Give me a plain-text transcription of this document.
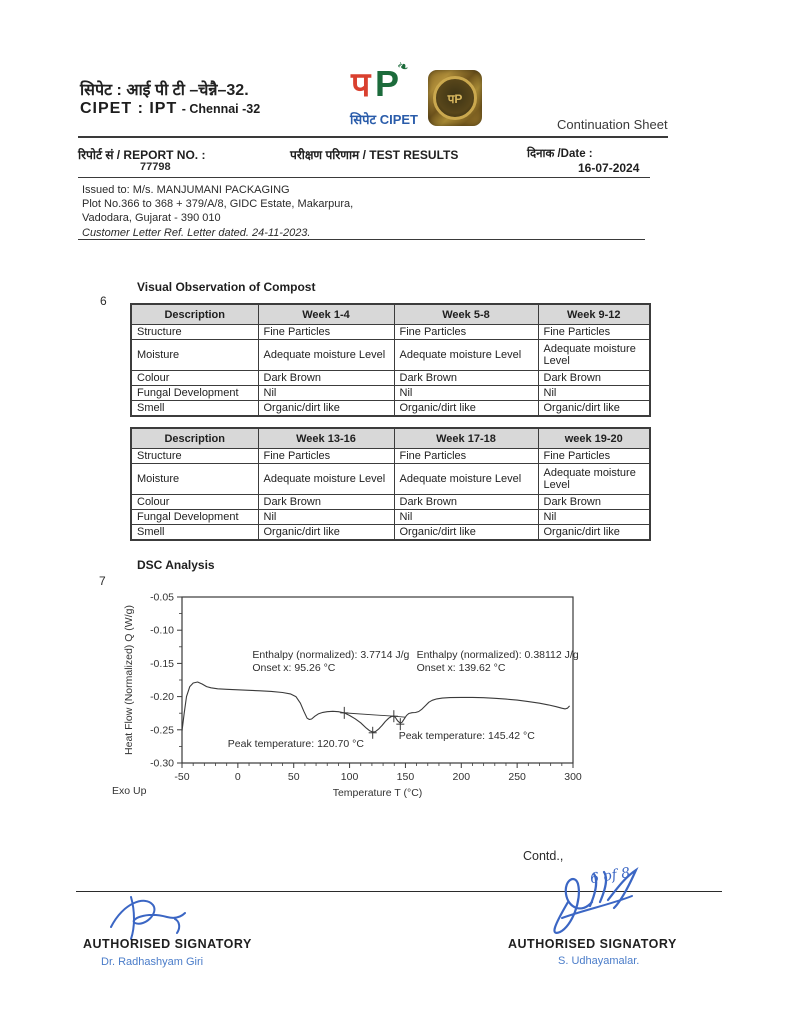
सिपेट : आई पी टी –चेन्नै–32.
CIPET : IPT - Chennai -32
प P
❧
सिपेट CIPET
पP
Continuation Sheet
रिपोर्ट सं / REPORT NO. :
77798
परीक्षण परिणाम / TEST RESULTS	दिनाक /Date :
16-07-2024
Issued to: M/s. MANJUMANI PACKAGING
Plot No.366 to 368 + 379/A/8, GIDC Estate, Makarpura,
Vadodara, Gujarat - 390 010
Customer Letter Ref. Letter dated. 24-11-2023.
Visual Observation of Compost
6
Description	Week 1-4	Week 5-8	Week 9-12
Structure	Fine Particles	Fine Particles	Fine Particles
Moisture	Adequate moisture Level	Adequate moisture Level	Adequate moisture Level
Colour	Dark Brown	Dark Brown	Dark Brown
Fungal Development	Nil	Nil	Nil
Smell	Organic/dirt like	Organic/dirt like	Organic/dirt like
Description	Week 13-16	Week 17-18	week 19-20
Structure	Fine Particles	Fine Particles	Fine Particles
Moisture	Adequate moisture Level	Adequate moisture Level	Adequate moisture Level
Colour	Dark Brown	Dark Brown	Dark Brown
Fungal Development	Nil	Nil	Nil
Smell	Organic/dirt like	Organic/dirt like	Organic/dirt like
DSC Analysis
7
-50	0	50	100	150	200	250	300
-0.05
-0.10
-0.15
-0.20
-0.25
-0.30
Enthalpy (normalized): 3.7714 J/g
Onset x: 95.26 °C
Enthalpy (normalized): 0.38112 J/g
Onset x: 139.62 °C
Peak temperature: 120.70 °C
Peak temperature: 145.42 °C
Temperature T (°C)
Heat Flow (Normalized) Q (W/g)
Exo Up
Contd.,
6 of 8
AUTHORISED SIGNATORY
Dr. Radhashyam Giri
AUTHORISED SIGNATORY
S. Udhayamalar.
